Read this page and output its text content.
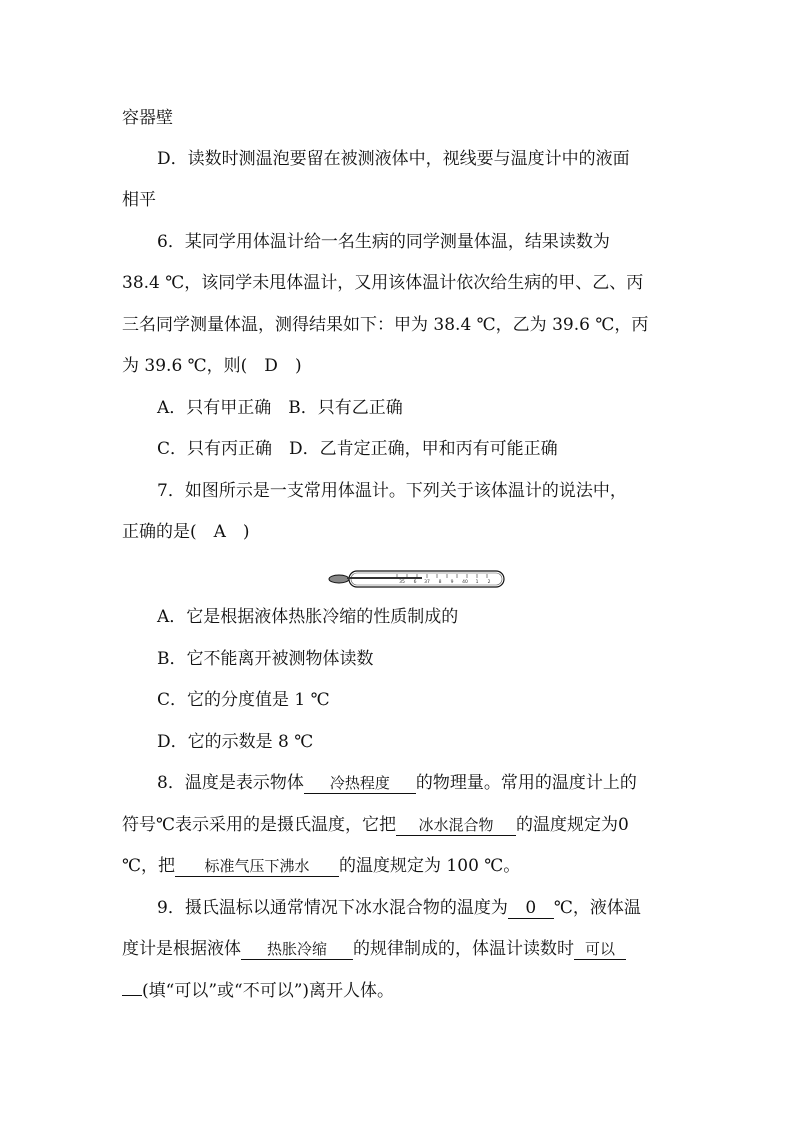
容器壁
D．读数时测温泡要留在被测液体中，视线要与温度计中的液面
相平
6．某同学用体温计给一名生病的同学测量体温，结果读数为
38.4 ℃，该同学未甩体温计，又用该体温计依次给生病的甲、乙、丙
三名同学测量体温，测得结果如下：甲为 38.4 ℃，乙为 39.6 ℃，丙
为 39.6 ℃，则(　D　)
A．只有甲正确　B．只有乙正确
C．只有丙正确　D．乙肯定正确，甲和丙有可能正确
7．如图所示是一支常用体温计。下列关于该体温计的说法中，
正确的是(　A　)
35 6 37 8 9 40 1 2
A．它是根据液体热胀冷缩的性质制成的
B．它不能离开被测物体读数
C．它的分度值是 1 ℃
D．它的示数是 8 ℃
8．温度是表示物体 冷热程度 的物理量。常用的温度计上的
符号℃表示采用的是摄氏温度，它把 冰水混合物 的温度规定为0
℃，把 标准气压下沸水 的温度规定为 100 ℃。
9．摄氏温标以通常情况下冰水混合物的温度为 0 ℃，液体温
度计是根据液体 热胀冷缩 的规律制成的，体温计读数时 可以
(填“可以”或“不可以”)离开人体。
